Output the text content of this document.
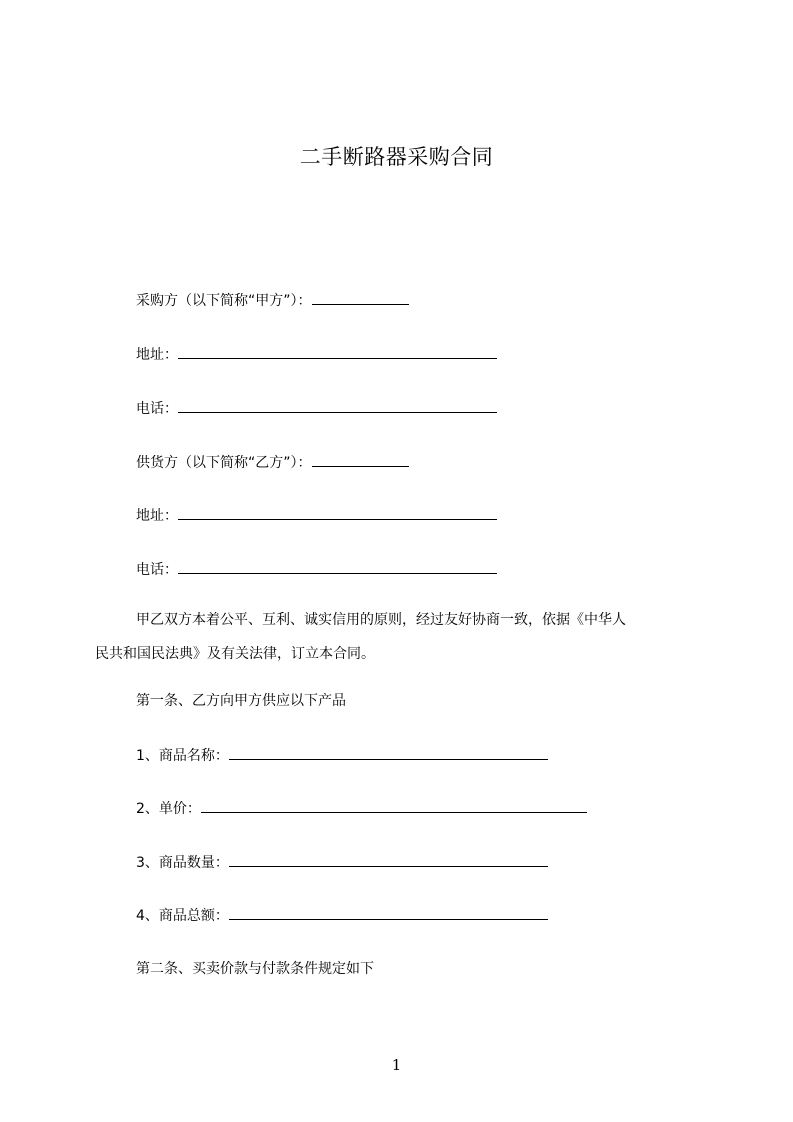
二手断路器采购合同
采购方（以下简称“甲方”）：
地址：
电话：
供货方（以下简称“乙方”）：
地址：
电话：
甲乙双方本着公平、互利、诚实信用的原则，经过友好协商一致，依据《中华人
民共和国民法典》及有关法律，订立本合同。
第一条、乙方向甲方供应以下产品
1、商品名称：
2、单价：
3、商品数量：
4、商品总额：
第二条、买卖价款与付款条件规定如下
1
